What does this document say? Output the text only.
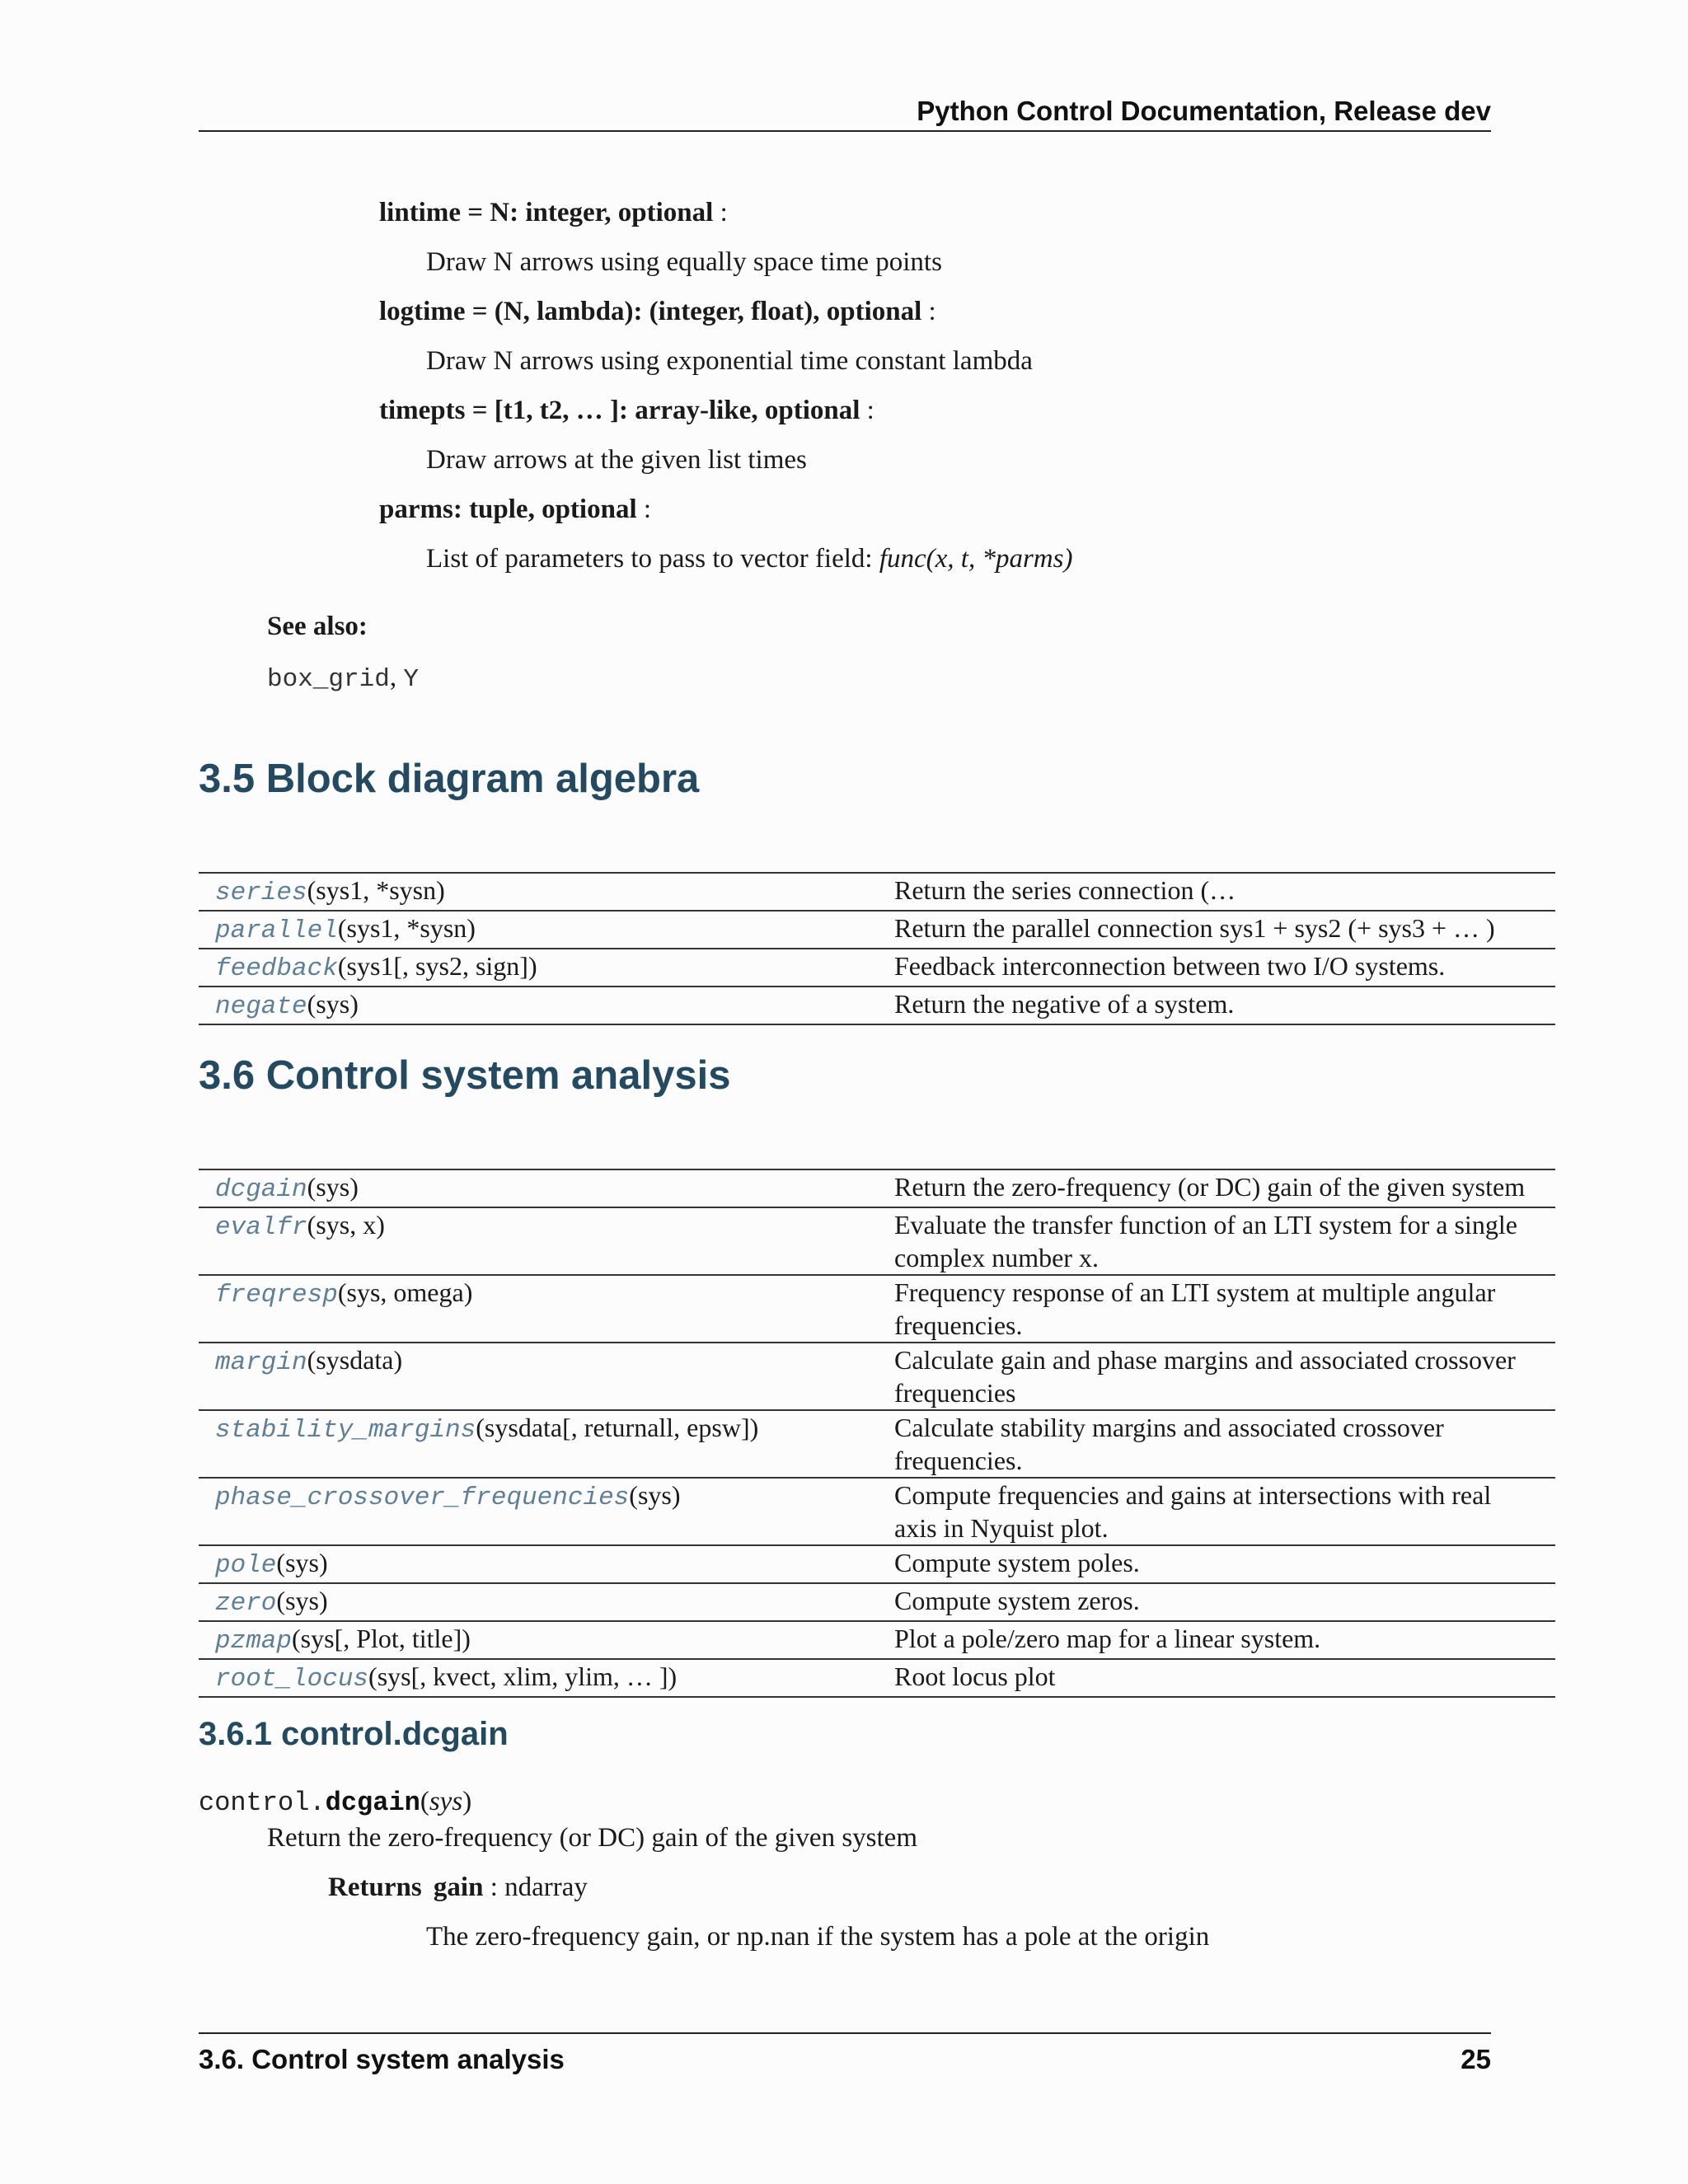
Python Control Documentation, Release dev
lintime = N: integer, optional :
Draw N arrows using equally space time points
logtime = (N, lambda): (integer, float), optional :
Draw N arrows using exponential time constant lambda
timepts = [t1, t2, … ]: array-like, optional :
Draw arrows at the given list times
parms: tuple, optional :
List of parameters to pass to vector field: func(x, t, *parms)
See also:
box_grid, Y
3.5 Block diagram algebra
series(sys1, *sysn)	Return the series connection (…
parallel(sys1, *sysn)	Return the parallel connection sys1 + sys2 (+ sys3 + … )
feedback(sys1[, sys2, sign])	Feedback interconnection between two I/O systems.
negate(sys)	Return the negative of a system.
3.6 Control system analysis
dcgain(sys)	Return the zero-frequency (or DC) gain of the given system
evalfr(sys, x)	Evaluate the transfer function of an LTI system for a single complex number x.
freqresp(sys, omega)	Frequency response of an LTI system at multiple angular frequencies.
margin(sysdata)	Calculate gain and phase margins and associated crossover frequencies
stability_margins(sysdata[, returnall, epsw])	Calculate stability margins and associated crossover frequencies.
phase_crossover_frequencies(sys)	Compute frequencies and gains at intersections with real axis in Nyquist plot.
pole(sys)	Compute system poles.
zero(sys)	Compute system zeros.
pzmap(sys[, Plot, title])	Plot a pole/zero map for a linear system.
root_locus(sys[, kvect, xlim, ylim, … ])	Root locus plot
3.6.1 control.dcgain
control.dcgain(sys)
Return the zero-frequency (or DC) gain of the given system
Returns gain : ndarray
The zero-frequency gain, or np.nan if the system has a pole at the origin
3.6. Control system analysis	25
